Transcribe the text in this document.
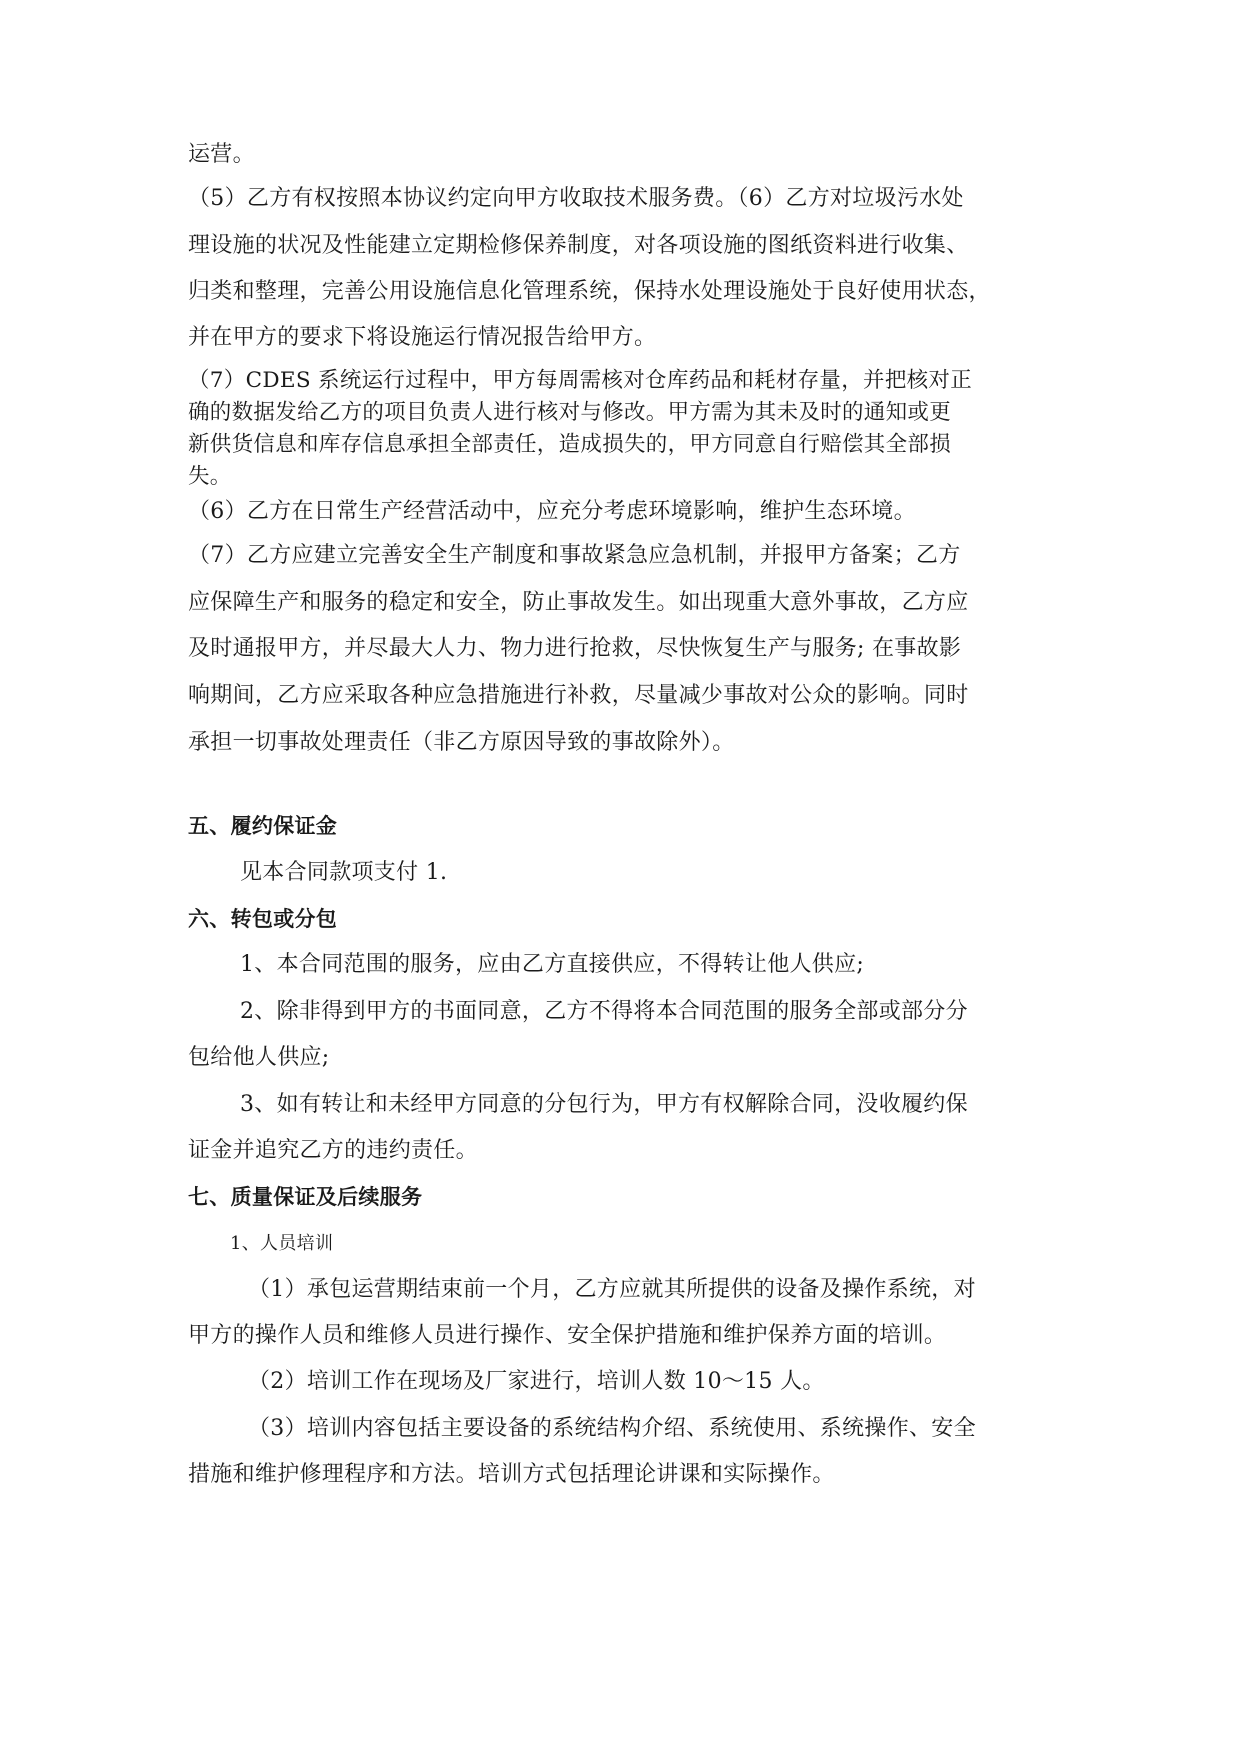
运营。
（5）乙方有权按照本协议约定向甲方收取技术服务费。（6）乙方对垃圾污水处
理设施的状况及性能建立定期检修保养制度，对各项设施的图纸资料进行收集、
归类和整理，完善公用设施信息化管理系统，保持水处理设施处于良好使用状态，
并在甲方的要求下将设施运行情况报告给甲方。
（7）CDES 系统运行过程中，甲方每周需核对仓库药品和耗材存量，并把核对正
确的数据发给乙方的项目负责人进行核对与修改。甲方需为其未及时的通知或更
新供货信息和库存信息承担全部责任，造成损失的，甲方同意自行赔偿其全部损
失。
（6）乙方在日常生产经营活动中，应充分考虑环境影响，维护生态环境。
（7）乙方应建立完善安全生产制度和事故紧急应急机制，并报甲方备案；乙方
应保障生产和服务的稳定和安全，防止事故发生。如出现重大意外事故，乙方应
及时通报甲方，并尽最大人力、物力进行抢救，尽快恢复生产与服务; 在事故影
响期间，乙方应采取各种应急措施进行补救，尽量减少事故对公众的影响。同时
承担一切事故处理责任（非乙方原因导致的事故除外）。
五、履约保证金
见本合同款项支付 1.
六、转包或分包
1、本合同范围的服务，应由乙方直接供应，不得转让他人供应;
2、除非得到甲方的书面同意，乙方不得将本合同范围的服务全部或部分分
包给他人供应;
3、如有转让和未经甲方同意的分包行为，甲方有权解除合同，没收履约保
证金并追究乙方的违约责任。
七、质量保证及后续服务
1、人员培训
（1）承包运营期结束前一个月，乙方应就其所提供的设备及操作系统，对
甲方的操作人员和维修人员进行操作、安全保护措施和维护保养方面的培训。
（2）培训工作在现场及厂家进行，培训人数 10～15 人。
（3）培训内容包括主要设备的系统结构介绍、系统使用、系统操作、安全
措施和维护修理程序和方法。培训方式包括理论讲课和实际操作。
